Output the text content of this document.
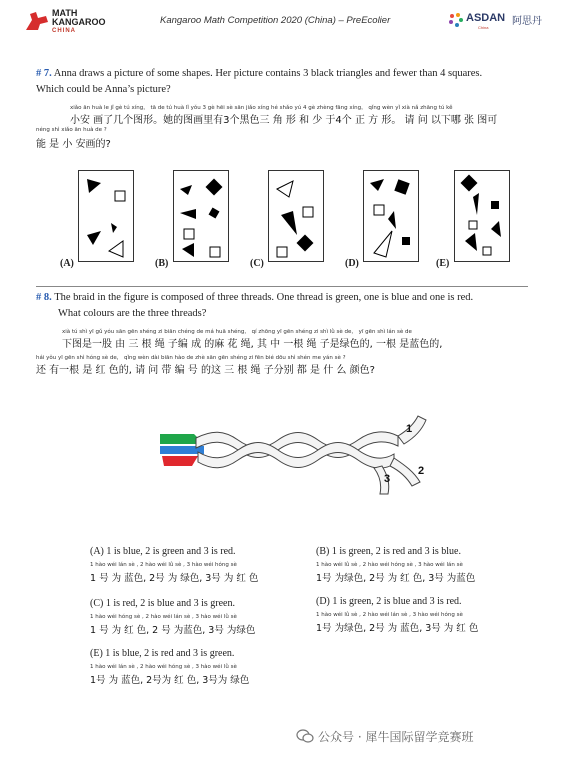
MATH
KANGAROO
CHINA
Kangaroo Math Competition 2020 (China) – PreEcolier	ASDAN 阿思丹
China
# 7. Anna draws a picture of some shapes. Her picture contains 3 black triangles and fewer than 4 squares.
Which could be Anna’s picture?
xiǎo ān huà le jǐ gè tú xíng， tā de tú huà lǐ yǒu 3 gè hēi sè sān jiǎo xíng hé shǎo yú 4 gè zhèng fāng xíng， qǐng wèn yǐ xià nǎ zhāng tú kě
小安 画了几个图形。她的图画里有3个黑色三 角 形 和 少 于4个 正 方 形。 请 问 以下哪 张 图可
néng shì xiǎo ān huà de ?
能 是 小 安画的?
(A)	(B)	(C)	(D)	(E)
# 8. The braid in the figure is composed of three threads. One thread is green, one is blue and one is red.
What colours are the three threads?
xià tú shì yī gǔ yóu sān gēn shéng zi biān chéng de má huā shéng， qí zhōng yī gēn shéng zi shì lǜ sè de， yī gēn shì lán sè de
下图是一股 由 三 根 绳 子编 成 的麻 花 绳, 其 中 一根 绳 子是绿色的, 一根 是蓝色的,
hái yǒu yī gēn shì hóng sè de， qǐng wèn dài biān hào de zhè sān gēn shéng zi fēn bié dōu shì shén me yán sè ?
还 有一根 是 红 色的, 请 问 带 编 号 的这 三 根 绳 子分别 都 是 什 么 颜色?
1
2
3
(A) 1 is blue, 2 is green and 3 is red.
1 hào wéi lán sè , 2 hào wéi lǜ sè , 3 hào wéi hóng sè
1 号 为 蓝色, 2号 为 绿色, 3号 为 红 色
(B) 1 is green, 2 is red and 3 is blue.
1 hào wéi lǜ sè , 2 hào wéi hóng sè , 3 hào wéi lán sè
1号 为绿色, 2号 为 红 色, 3号 为蓝色
(C) 1 is red, 2 is blue and 3 is green.
1 hào wéi hóng sè , 2 hào wéi lán sè , 3 hào wéi lǜ sè
1 号 为 红 色, 2 号 为蓝色, 3号 为绿色
(D) 1 is green, 2 is blue and 3 is red.
1 hào wéi lǜ sè , 2 hào wéi lán sè , 3 hào wéi hóng sè
1号 为绿色, 2号 为 蓝色, 3号 为 红 色
(E) 1 is blue, 2 is red and 3 is green.
1 hào wéi lán sè , 2 hào wéi hóng sè , 3 hào wéi lǜ sè
1号 为 蓝色, 2号为 红 色, 3号为 绿色
公众号 · 犀牛国际留学竞赛班
